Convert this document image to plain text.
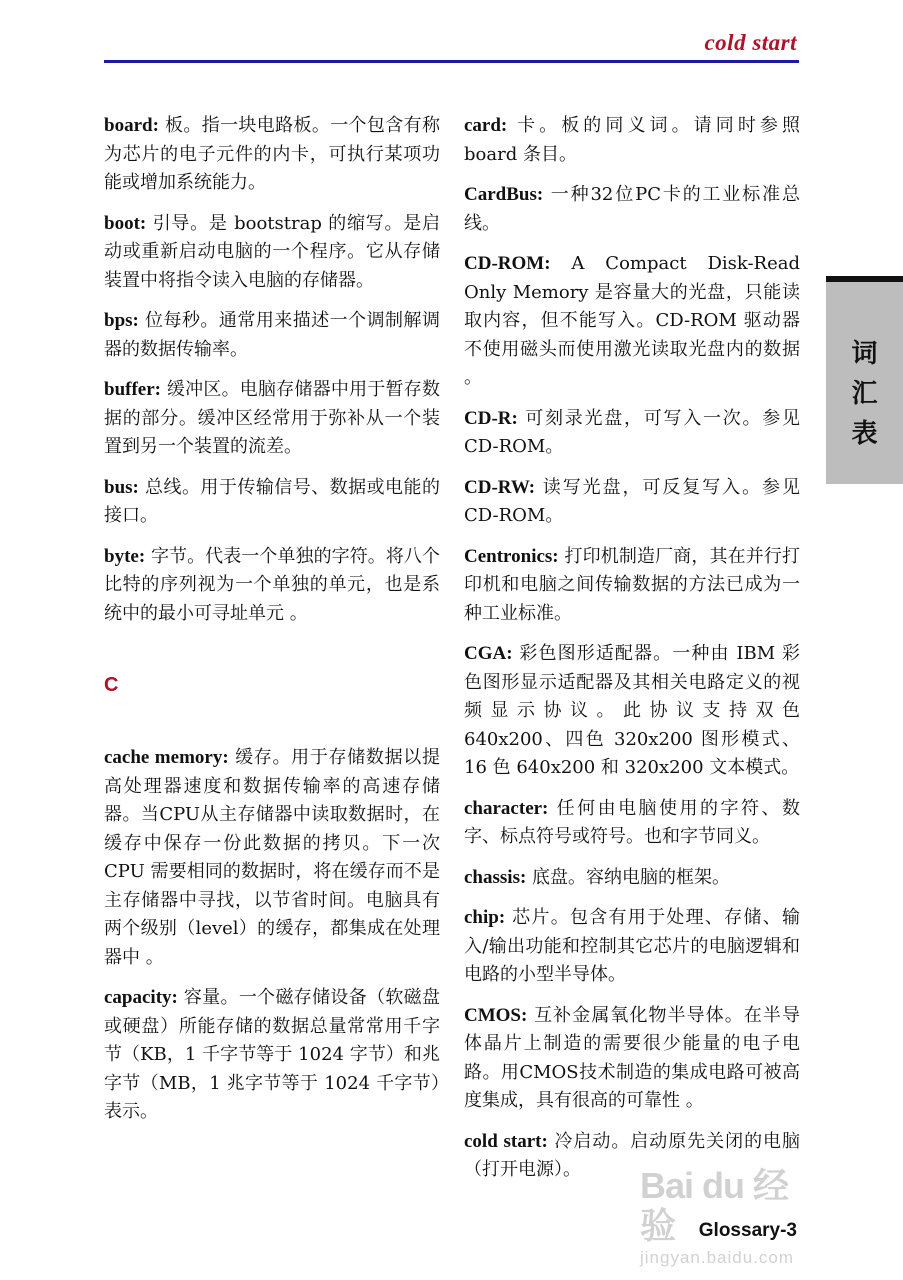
cold start

board: 板。指一块电路板。一个包含有称为芯片的电子元件的内卡，可执行某项功能或增加系统能力。

boot: 引导。是 bootstrap 的缩写。是启动或重新启动电脑的一个程序。它从存储装置中将指令读入电脑的存储器。

bps: 位每秒。通常用来描述一个调制解调器的数据传输率。

buffer: 缓冲区。电脑存储器中用于暂存数据的部分。缓冲区经常用于弥补从一个装置到另一个装置的流差。

bus: 总线。用于传输信号、数据或电能的接口。

byte: 字节。代表一个单独的字符。将八个比特的序列视为一个单独的单元，也是系统中的最小可寻址单元 。

C

cache memory: 缓存。用于存储数据以提高处理器速度和数据传输率的高速存储器。当CPU从主存储器中读取数据时，在缓存中保存一份此数据的拷贝。下一次 CPU 需要相同的数据时，将在缓存而不是主存储器中寻找，以节省时间。电脑具有两个级别（level）的缓存，都集成在处理器中 。

capacity: 容量。一个磁存储设备（软磁盘或硬盘）所能存储的数据总量常常用千字节（KB，1 千字节等于 1024 字节）和兆字节（MB，1 兆字节等于 1024 千字节）表示。

card: 卡。板的同义词。请同时参照 board 条目。

CardBus: 一种32位PC卡的工业标准总线。

CD-ROM: A Compact Disk-Read Only Memory 是容量大的光盘，只能读取内容，但不能写入。CD-ROM 驱动器不使用磁头而使用激光读取光盘内的数据 。

CD-R: 可刻录光盘，可写入一次。参见 CD-ROM。

CD-RW: 读写光盘，可反复写入。参见 CD-ROM。

Centronics: 打印机制造厂商，其在并行打印机和电脑之间传输数据的方法已成为一种工业标准。

CGA: 彩色图形适配器。一种由 IBM 彩色图形显示适配器及其相关电路定义的视频显示协议。此协议支持双色 640x200、四色 320x200 图形模式、16 色 640x200 和 320x200 文本模式。

character: 任何由电脑使用的字符、数字、标点符号或符号。也和字节同义。

chassis: 底盘。容纳电脑的框架。

chip: 芯片。包含有用于处理、存储、输入/输出功能和控制其它芯片的电脑逻辑和电路的小型半导体。

CMOS: 互补金属氧化物半导体。在半导体晶片上制造的需要很少能量的电子电路。用CMOS技术制造的集成电路可被高度集成，具有很高的可靠性 。

cold start: 冷启动。启动原先关闭的电脑（打开电源）。

词
汇
表
Bai du 经验
jingyan.baidu.com
Glossary-3
